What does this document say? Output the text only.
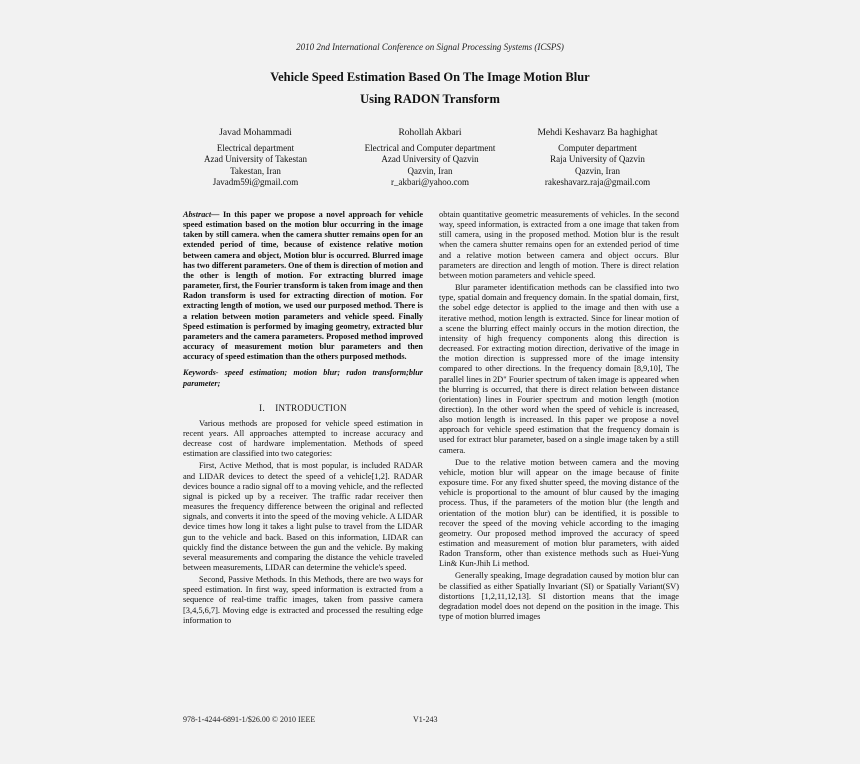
2010 2nd International Conference on Signal Processing Systems (ICSPS)
Vehicle Speed Estimation Based On The Image Motion Blur
Using RADON Transform
Javad Mohammadi
Electrical department
Azad University of Takestan
Takestan, Iran
Javadm59i@gmail.com
Rohollah Akbari
Electrical and Computer department
Azad University of Qazvin
Qazvin, Iran
r_akbari@yahoo.com
Mehdi Keshavarz Ba haghighat
Computer department
Raja University of Qazvin
Qazvin, Iran
rakeshavarz.raja@gmail.com

Abstract— In this paper we propose a novel approach for vehicle speed estimation based on the motion blur occurring in the image taken by still camera. when the camera shutter remains open for an extended period of time, because of existence relative motion between camera and object, Motion blur is occurred. Blurred image has two different parameters. One of them is direction of motion and the other is length of motion. For extracting blurred image parameter, first, the Fourier transform is taken from image and then Radon transform is used for extracting direction of motion. For extracting length of motion, we used our purposed method. There is a relation between motion parameters and vehicle speed. Finally Speed estimation is performed by imaging geometry, extracted blur parameters and the camera parameters. Proposed method improved accuracy of measurement motion blur parameters and then accuracy of speed estimation than the others purposed methods.

Keywords- speed estimation; motion blur; radon transform;blur parameter;

I. INTRODUCTION

Various methods are proposed for vehicle speed estimation in recent years. All approaches attempted to increase accuracy and decrease cost of hardware implementation. Methods of speed estimation are classified into two categories:

First, Active Method, that is most popular, is included RADAR and LIDAR devices to detect the speed of a vehicle[1,2]. RADAR devices bounce a radio signal off to a moving vehicle, and the reflected signal is picked up by a receiver. The traffic radar receiver then measures the frequency difference between the original and reflected signals, and converts it into the speed of the moving vehicle. A LIDAR device times how long it takes a light pulse to travel from the LIDAR gun to the vehicle and back. Based on this information, LIDAR can quickly find the distance between the gun and the vehicle. By making several measurements and comparing the distance the vehicle traveled between measurements, LIDAR can determine the vehicle's speed.

Second, Passive Methods. In this Methods, there are two ways for speed estimation. In first way, speed information is extracted from a sequence of real-time traffic images, taken from passive camera [3,4,5,6,7]. Moving edge is extracted and processed the resulting edge information to

obtain quantitative geometric measurements of vehicles. In the second way, speed information, is extracted from a one image that taken from still camera, using in the proposed method. Motion blur is the result when the camera shutter remains open for an extended period of time and a relative motion between camera and object occurs. Blur parameters are direction and length of motion. There is direct relation between motion parameters and vehicle speed.

Blur parameter identification methods can be classified into two type, spatial domain and frequency domain. In the spatial domain, first, the sobel edge detector is applied to the image and then with use a iterative method, motion length is extracted. Since for linear motion of a scene the blurring effect mainly occurs in the motion direction, the intensity of high frequency components along this direction is decreased. For extracting motion direction, derivative of the image in the motion direction is suppressed more of the image intensity compared to other directions. In the frequency domain [8,9,10], The parallel lines in 2D" Fourier spectrum of taken image is appeared when the blurring is occurred, that there is direct relation between distance (orientation) lines in Fourier spectrum and motion length (motion direction). In the other word when the speed of vehicle is increased, also motion length is increased. In this paper we propose a novel approach for vehicle speed estimation that the frequency domain is used for extract blur parameter, based on a single image taken by a still camera.

Due to the relative motion between camera and the moving vehicle, motion blur will appear on the image because of finite exposure time. For any fixed shutter speed, the moving distance of the vehicle is proportional to the amount of blur caused by the imaging process. Thus, if the parameters of the motion blur (the length and orientation of the motion blur) can be identified, it is possible to recover the speed of the moving vehicle according to the imaging geometry. Our proposed method improved the accuracy of speed estimation and measurement of motion blur parameters, with aided Radon Transform, other than existence methods such as Huei-Yung Lin& Kun-Jhih Li method.

Generally speaking, Image degradation caused by motion blur can be classified as either Spatially Invariant (SI) or Spatially Variant(SV) distortions [1,2,11,12,13]. SI distortion means that the image degradation model does not depend on the position in the image. This type of motion blurred images

978-1-4244-6891-1/$26.00 © 2010 IEEE	V1-243
